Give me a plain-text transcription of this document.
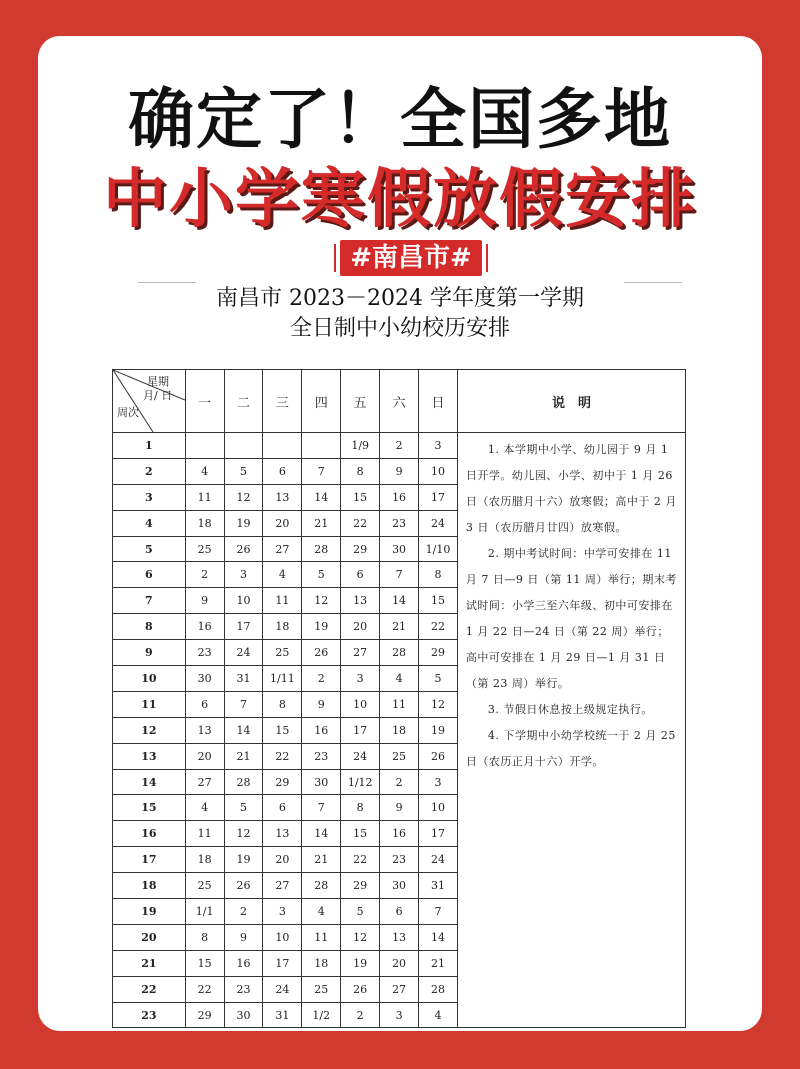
确定了！全国多地
中小学寒假放假安排
#南昌市#
南昌市 2023－2024 学年度第一学期
全日制中小幼校历安排
星期
月/ 日
周次	一	二	三	四	五	六	日	说　明
1					1/9	2	3	1. 本学期中小学、幼儿园于 9 月 1 日开学。幼儿园、小学、初中于 1 月 26 日（农历腊月十六）放寒假；高中于 2 月 3 日（农历腊月廿四）放寒假。

2. 期中考试时间：中学可安排在 11 月 7 日—9 日（第 11 周）举行；期末考试时间：小学三至六年级、初中可安排在 1 月 22 日—24 日（第 22 周）举行；高中可安排在 1 月 29 日—1 月 31 日（第 23 周）举行。

3. 节假日休息按上级规定执行。

4. 下学期中小幼学校统一于 2 月 25 日（农历正月十六）开学。

2	4	5	6	7	8	9	10	
3	11	12	13	14	15	16	17	
4	18	19	20	21	22	23	24	
5	25	26	27	28	29	30	1/10	
6	2	3	4	5	6	7	8	
7	9	10	11	12	13	14	15	
8	16	17	18	19	20	21	22	
9	23	24	25	26	27	28	29	
10	30	31	1/11	2	3	4	5	
11	6	7	8	9	10	11	12	
12	13	14	15	16	17	18	19	
13	20	21	22	23	24	25	26	
14	27	28	29	30	1/12	2	3	
15	4	5	6	7	8	9	10	
16	11	12	13	14	15	16	17	
17	18	19	20	21	22	23	24	
18	25	26	27	28	29	30	31	
19	1/1	2	3	4	5	6	7	
20	8	9	10	11	12	13	14	
21	15	16	17	18	19	20	21	
22	22	23	24	25	26	27	28	
23	29	30	31	1/2	2	3	4	
